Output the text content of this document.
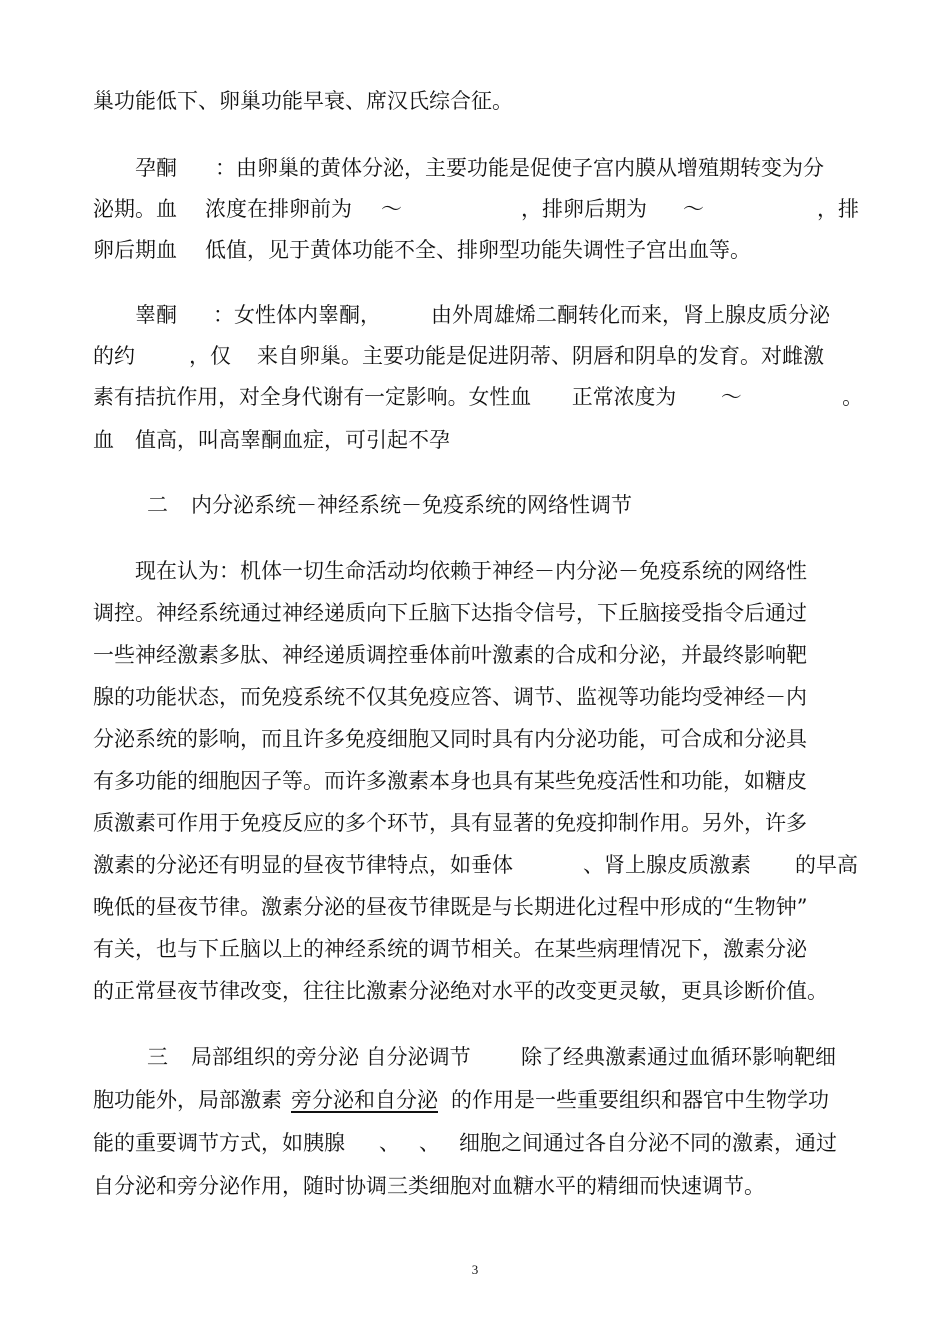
巢功能低下、卵巢功能早衰、席汉氏综合征。
孕酮 ：由卵巢的黄体分泌，主要功能是促使子宫内膜从增殖期转变为分
泌期。血 浓度在排卵前为 ～	，排卵后期为 ～	，排
卵后期血 低值，见于黄体功能不全、排卵型功能失调性子宫出血等。
睾酮 ：女性体内睾酮， 由外周雄烯二酮转化而来，肾上腺皮质分泌
的约	，仅 来自卵巢。主要功能是促进阴蒂、阴唇和阴阜的发育。对雌激
素有拮抗作用，对全身代谢有一定影响。女性血 正常浓度为 ～	。
血 值高，叫高睾酮血症，可引起不孕
二 内分泌系统－神经系统－免疫系统的网络性调节
现在认为：机体一切生命活动均依赖于神经－内分泌－免疫系统的网络性
调控。神经系统通过神经递质向下丘脑下达指令信号，下丘脑接受指令后通过
一些神经激素多肽、神经递质调控垂体前叶激素的合成和分泌，并最终影响靶
腺的功能状态，而免疫系统不仅其免疫应答、调节、监视等功能均受神经－内
分泌系统的影响，而且许多免疫细胞又同时具有内分泌功能，可合成和分泌具
有多功能的细胞因子等。而许多激素本身也具有某些免疫活性和功能，如糖皮
质激素可作用于免疫反应的多个环节，具有显著的免疫抑制作用。另外，许多
激素的分泌还有明显的昼夜节律特点，如垂体	、肾上腺皮质激素 的早高
晚低的昼夜节律。激素分泌的昼夜节律既是与长期进化过程中形成的“生物钟”
有关，也与下丘脑以上的神经系统的调节相关。在某些病理情况下，激素分泌
的正常昼夜节律改变，往往比激素分泌绝对水平的改变更灵敏，更具诊断价值。
三 局部组织的旁分泌 自分泌调节 除了经典激素通过血循环影响靶细
胞功能外，局部激素 旁分泌和自分泌 的作用是一些重要组织和器官中生物学功
能的重要调节方式，如胰腺 、 、 细胞之间通过各自分泌不同的激素，通过
自分泌和旁分泌作用，随时协调三类细胞对血糖水平的精细而快速调节。
3
